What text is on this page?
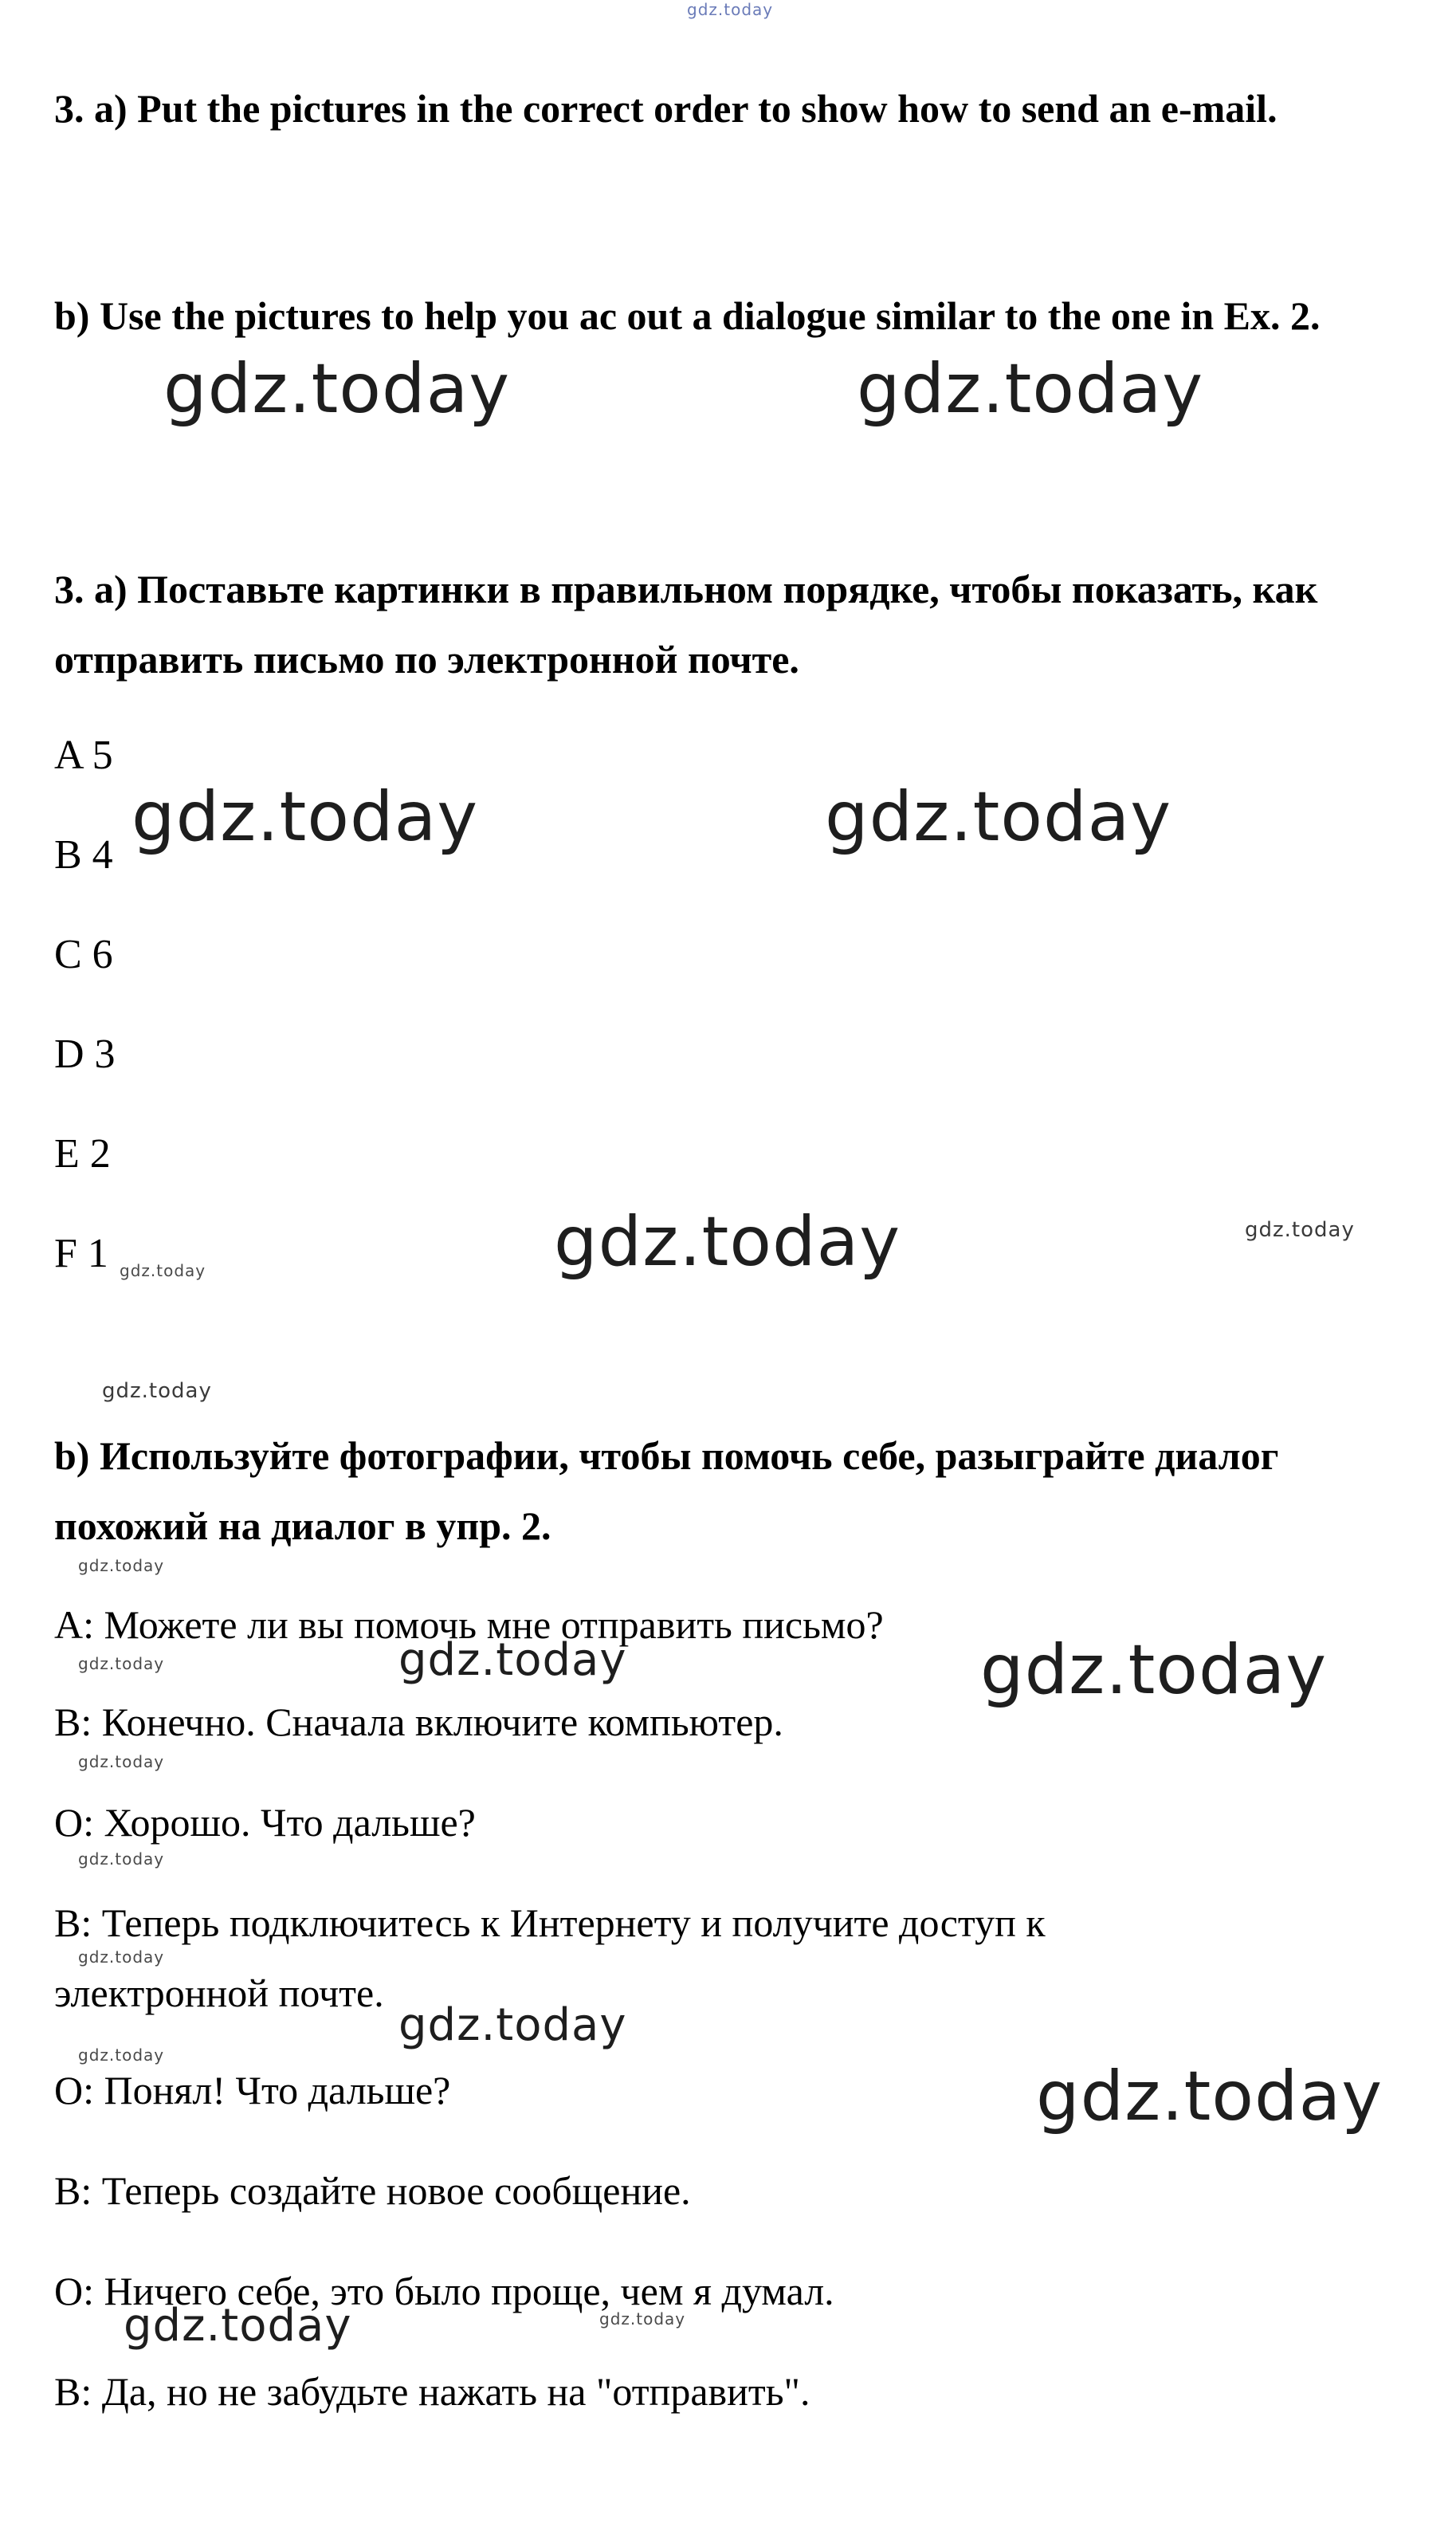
gdz.today

3. a) Put the pictures in the correct order to show how to send an e-mail.

b) Use the pictures to help you ac out a dialogue similar to the one in Ex. 2.

3. а) Поставьте картинки в правильном порядке, чтобы показать, как отправить письмо по электронной почте.

A 5
B 4
C 6
D 3
E 2
F 1

b) Используйте фотографии, чтобы помочь себе, разыграйте диалог похожий на диалог в упр. 2.

А: Можете ли вы помочь мне отправить письмо?
В: Конечно. Сначала включите компьютер.
О: Хорошо. Что дальше?
В: Теперь подключитесь к Интернету и получите доступ к
электронной почте.
О: Понял! Что дальше?
В: Теперь создайте новое сообщение.
О: Ничего себе, это было проще, чем я думал.
В: Да, но не забудьте нажать на "отправить".
gdz.today	gdz.today
gdz.today	gdz.today
gdz.today
gdz.today
gdz.today
gdz.today
gdz.today
gdz.today
gdz.today
gdz.today
gdz.today
gdz.today
gdz.today
gdz.today
gdz.today
gdz.today
gdz.today
gdz.today
